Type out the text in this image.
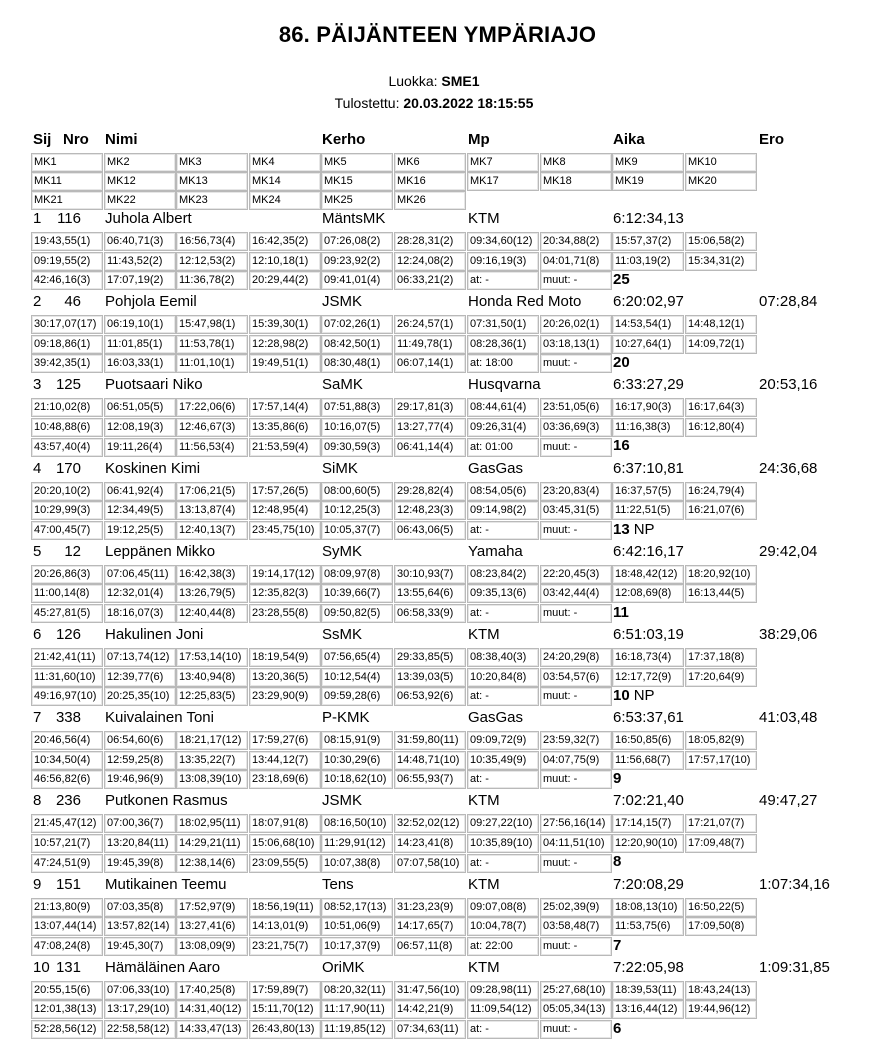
86. PÄIJÄNTEEN YMPÄRIAJO
Luokka: SME1
Tulostettu: 20.03.2022 18:15:55
Sij Nro Nimi	Kerho	Mp	Aika	Ero
MK1	MK2	MK3	MK4	MK5	MK6	MK7	MK8	MK9	MK10
MK11	MK12	MK13	MK14	MK15	MK16	MK17	MK18	MK19	MK20
MK21	MK22	MK23	MK24	MK25	MK26
1	116 Juhola Albert	MäntsMK	KTM	6:12:34,13
19:43,55(1)	06:40,71(3)	16:56,73(4)	16:42,35(2)	07:26,08(2)	28:28,31(2)	09:34,60(12) 20:34,88(2)	15:57,37(2)	15:06,58(2)
09:19,55(2)	11:43,52(2)	12:12,53(2)	12:10,18(1)	09:23,92(2)	12:24,08(2)	09:16,19(3)	04:01,71(8)	11:03,19(2)	15:34,31(2)
42:46,16(3)	17:07,19(2)	11:36,78(2)	20:29,44(2)	09:41,01(4)	06:33,21(2)	at: -	muut: -	25
2	46 Pohjola Eemil	JSMK	Honda Red Moto 6:20:02,97	07:28,84
30:17,07(17) 06:19,10(1)	15:47,98(1)	15:39,30(1)	07:02,26(1)	26:24,57(1)	07:31,50(1)	20:26,02(1)	14:53,54(1)	14:48,12(1)
09:18,86(1)	11:01,85(1)	11:53,78(1)	12:28,98(2)	08:42,50(1)	11:49,78(1)	08:28,36(1)	03:18,13(1)	10:27,64(1)	14:09,72(1)
39:42,35(1)	16:03,33(1)	11:01,10(1)	19:49,51(1)	08:30,48(1)	06:07,14(1)	at: 18:00	muut: -	20
3 125 Puotsaari Niko	SaMK	Husqvarna	6:33:27,29	20:53,16
21:10,02(8)	06:51,05(5)	17:22,06(6)	17:57,14(4)	07:51,88(3)	29:17,81(3)	08:44,61(4)	23:51,05(6)	16:17,90(3)	16:17,64(3)
10:48,88(6)	12:08,19(3)	12:46,67(3)	13:35,86(6)	10:16,07(5)	13:27,77(4)	09:26,31(4)	03:36,69(3)	11:16,38(3)	16:12,80(4)
43:57,40(4)	19:11,26(4)	11:56,53(4)	21:53,59(4)	09:30,59(3)	06:41,14(4)	at: 01:00	muut: -	16
4 170 Koskinen Kimi	SiMK	GasGas	6:37:10,81	24:36,68
20:20,10(2)	06:41,92(4)	17:06,21(5)	17:57,26(5)	08:00,60(5)	29:28,82(4)	08:54,05(6)	23:20,83(4)	16:37,57(5)	16:24,79(4)
10:29,99(3)	12:34,49(5)	13:13,87(4)	12:48,95(4)	10:12,25(3)	12:48,23(3)	09:14,98(2)	03:45,31(5)	11:22,51(5)	16:21,07(6)
47:00,45(7)	19:12,25(5)	12:40,13(7)	23:45,75(10) 10:05,37(7)	06:43,06(5)	at: -	muut: -	13 NP
5	12 Leppänen Mikko	SyMK	Yamaha	6:42:16,17	29:42,04
20:26,86(3)	07:06,45(11) 16:42,38(3)	19:14,17(12) 08:09,97(8)	30:10,93(7)	08:23,84(2)	22:20,45(3)	18:48,42(12) 18:20,92(10)
11:00,14(8)	12:32,01(4)	13:26,79(5)	12:35,82(3)	10:39,66(7)	13:55,64(6)	09:35,13(6)	03:42,44(4)	12:08,69(8)	16:13,44(5)
45:27,81(5)	18:16,07(3)	12:40,44(8)	23:28,55(8)	09:50,82(5)	06:58,33(9)	at: -	muut: -	11
6 126 Hakulinen Joni	SsMK	KTM	6:51:03,19	38:29,06
21:42,41(11)	07:13,74(12) 17:53,14(10) 18:19,54(9)	07:56,65(4)	29:33,85(5)	08:38,40(3)	24:20,29(8)	16:18,73(4)	17:37,18(8)
11:31,60(10)	12:39,77(6)	13:40,94(8)	13:20,36(5)	10:12,54(4)	13:39,03(5)	10:20,84(8)	03:54,57(6)	12:17,72(9)	17:20,64(9)
49:16,97(10) 20:25,35(10) 12:25,83(5)	23:29,90(9)	09:59,28(6)	06:53,92(6)	at: -	muut: -	10 NP
7 338 Kuivalainen Toni	P-KMK	GasGas	6:53:37,61	41:03,48
20:46,56(4)	06:54,60(6)	18:21,17(12) 17:59,27(6)	08:15,91(9)	31:59,80(11)	09:09,72(9)	23:59,32(7)	16:50,85(6)	18:05,82(9)
10:34,50(4)	12:59,25(8)	13:35,22(7)	13:44,12(7)	10:30,29(6)	14:48,71(10) 10:35,49(9)	04:07,75(9)	11:56,68(7)	17:57,17(10)
46:56,82(6)	19:46,96(9)	13:08,39(10) 23:18,69(6)	10:18,62(10) 06:55,93(7)	at: -	muut: -	9
8 236 Putkonen Rasmus	JSMK	KTM	7:02:21,40	49:47,27
21:45,47(12) 07:00,36(7)	18:02,95(11)	18:07,91(8)	08:16,50(10) 32:52,02(12) 09:27,22(10) 27:56,16(14) 17:14,15(7)	17:21,07(7)
10:57,21(7)	13:20,84(11) 14:29,21(11)	15:06,68(10) 11:29,91(12)	14:23,41(8)	10:35,89(10) 04:11,51(10) 12:20,90(10) 17:09,48(7)
47:24,51(9)	19:45,39(8)	12:38,14(6)	23:09,55(5)	10:07,38(8)	07:07,58(10) at: -	muut: -	8
9 151 Mutikainen Teemu	Tens	KTM	7:20:08,29	1:07:34,16
21:13,80(9)	07:03,35(8)	17:52,97(9)	18:56,19(11) 08:52,17(13) 31:23,23(9)	09:07,08(8)	25:02,39(9)	18:08,13(10) 16:50,22(5)
13:07,44(14) 13:57,82(14) 13:27,41(6)	14:13,01(9)	10:51,06(9)	14:17,65(7)	10:04,78(7)	03:58,48(7)	11:53,75(6)	17:09,50(8)
47:08,24(8)	19:45,30(7)	13:08,09(9)	23:21,75(7)	10:17,37(9)	06:57,11(8)	at: 22:00	muut: -	7
10 131 Hämäläinen Aaro	OriMK	KTM	7:22:05,98	1:09:31,85
20:55,15(6)	07:06,33(10) 17:40,25(8)	17:59,89(7)	08:20,32(11)	31:47,56(10) 09:28,98(11)	25:27,68(10) 18:39,53(11)	18:43,24(13)
12:01,38(13) 13:17,29(10) 14:31,40(12) 15:11,70(12) 11:17,90(11)	14:42,21(9)	11:09,54(12)	05:05,34(13) 13:16,44(12) 19:44,96(12)
52:28,56(12) 22:58,58(12) 14:33,47(13) 26:43,80(13) 11:19,85(12)	07:34,63(11)	at: -	muut: -	6
